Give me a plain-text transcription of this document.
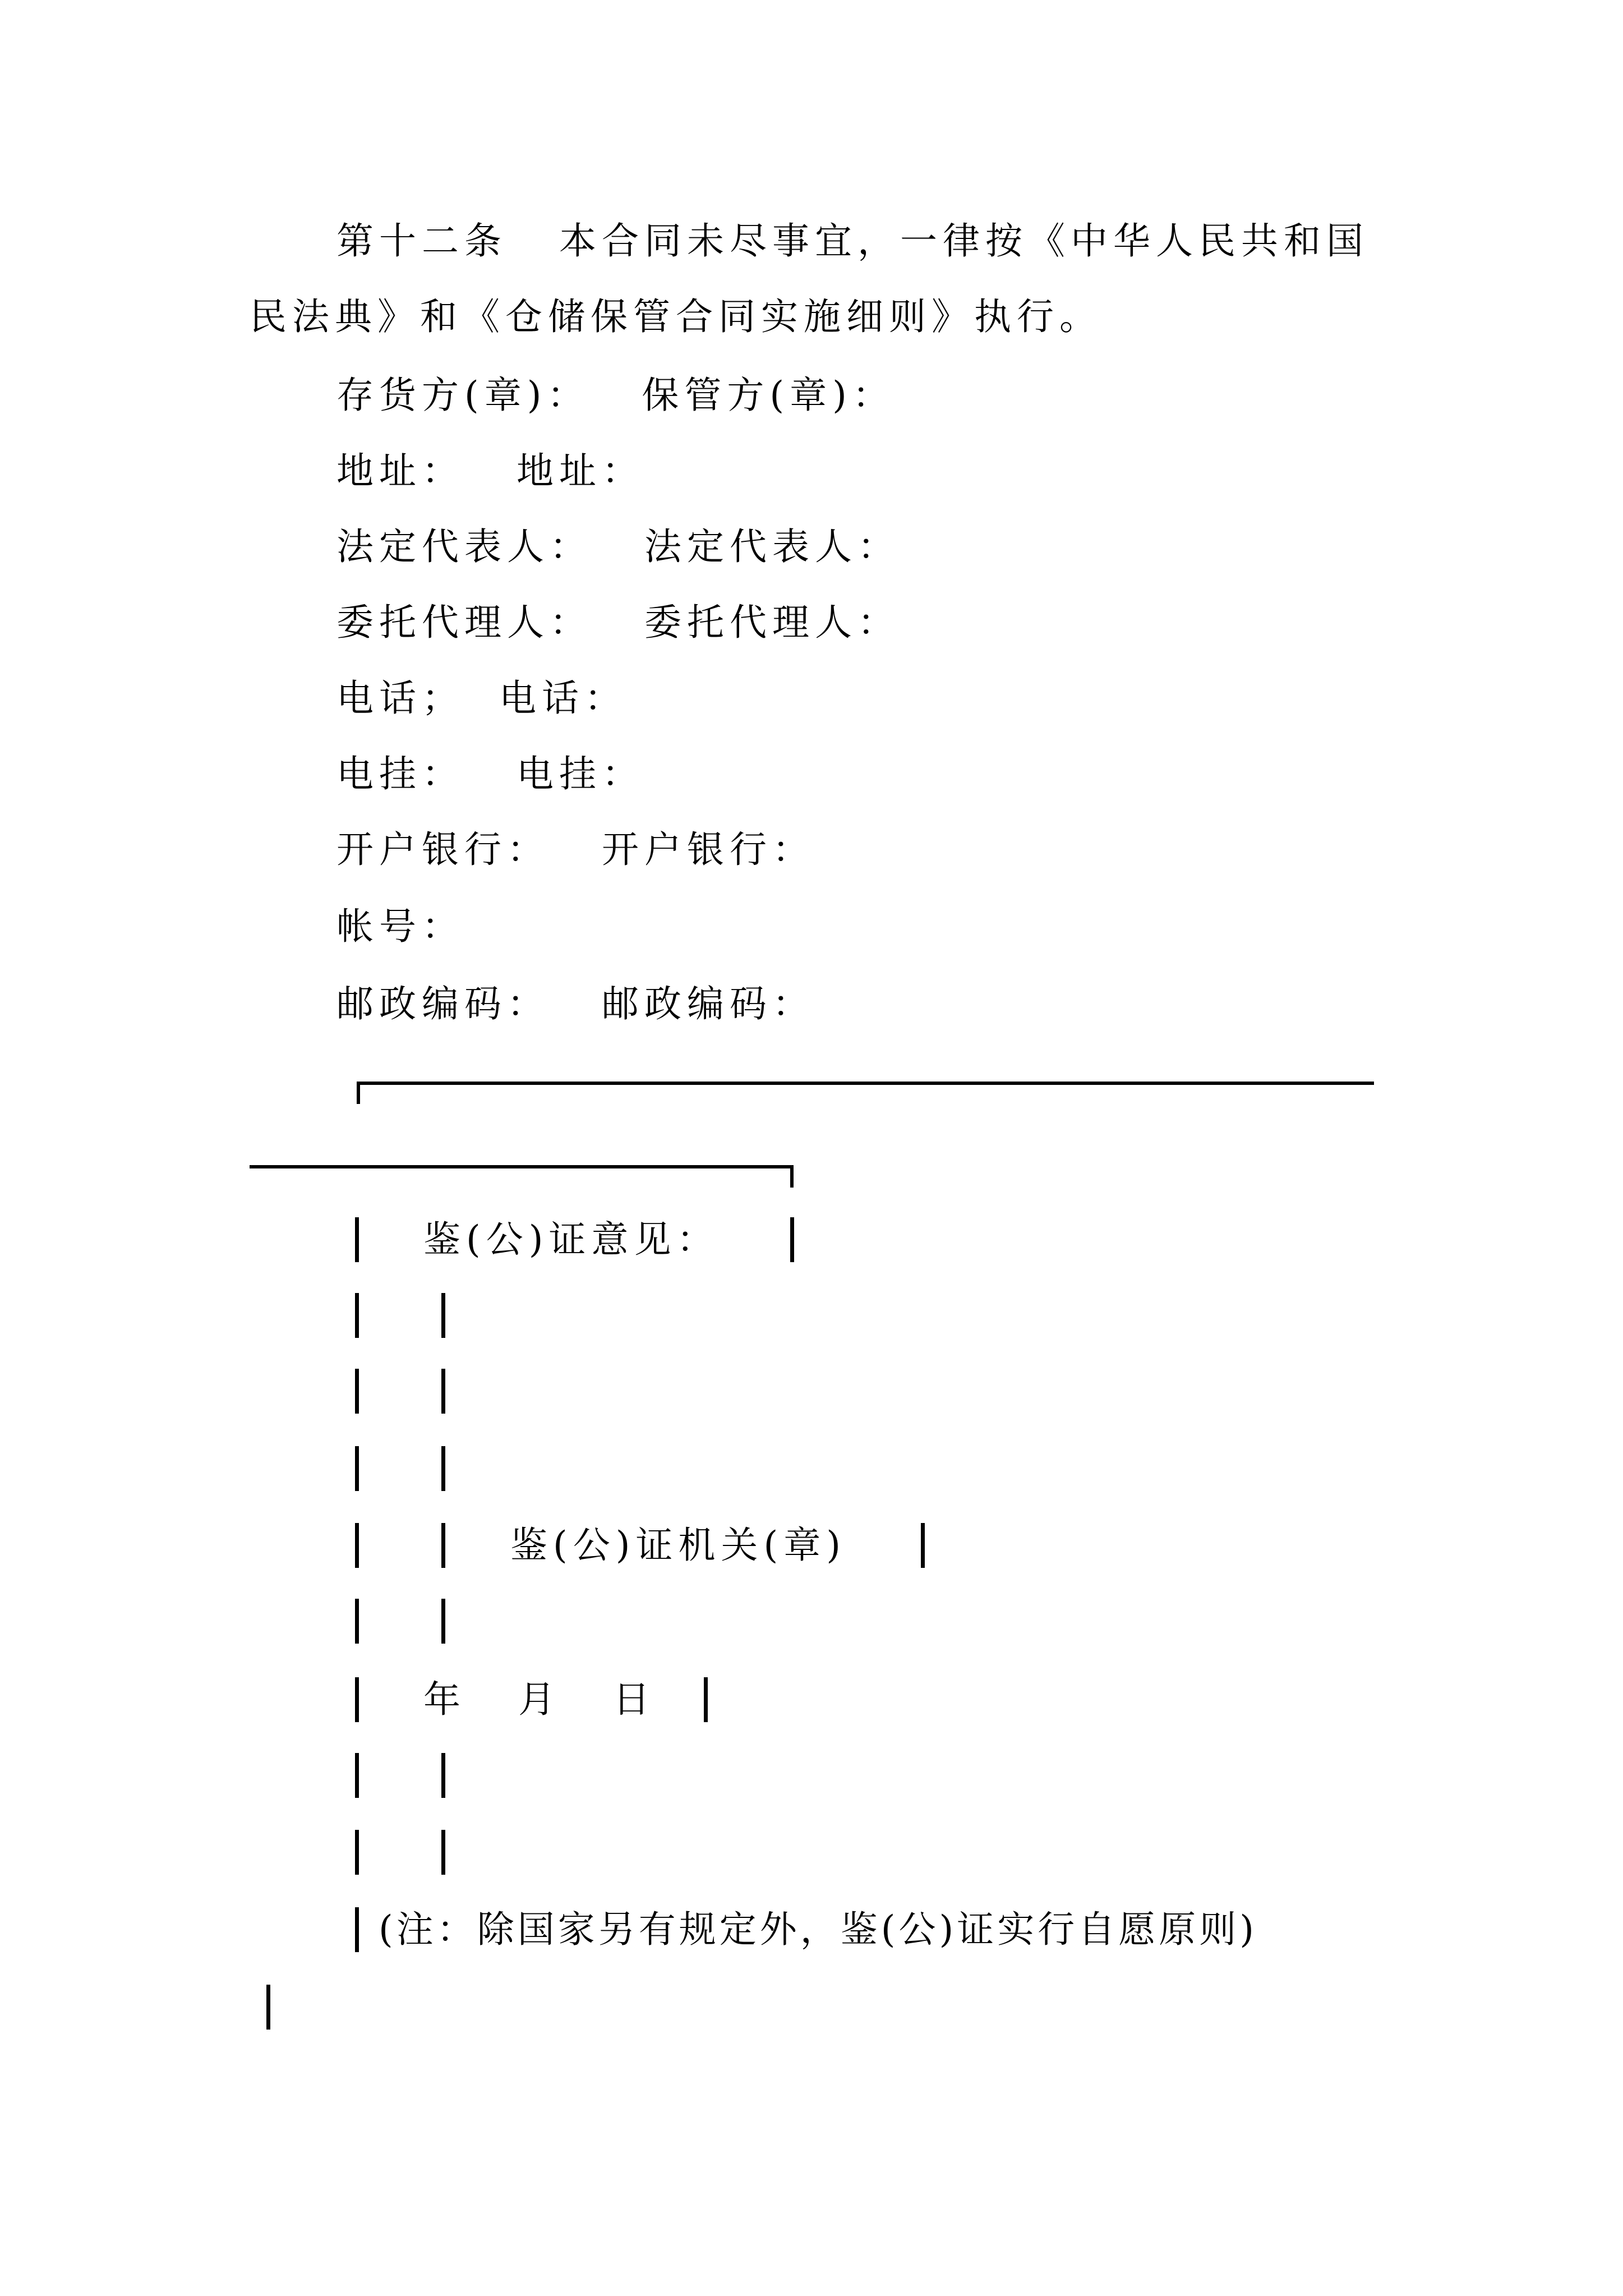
第十二条   本合同未尽事宜，一律按《中华人民共和国
民法典》和《仓储保管合同实施细则》执行。
存货方(章)：   保管方(章)：
地址：   地址：
法定代表人：   法定代表人：
委托代理人：   委托代理人：
电话；  电话：
电挂：   电挂：
开户银行：   开户银行：
帐号：
邮政编码：   邮政编码：
鉴(公)证意见：
鉴(公)证机关(章)
年   月   日
(注：除国家另有规定外，鉴(公)证实行自愿原则)
